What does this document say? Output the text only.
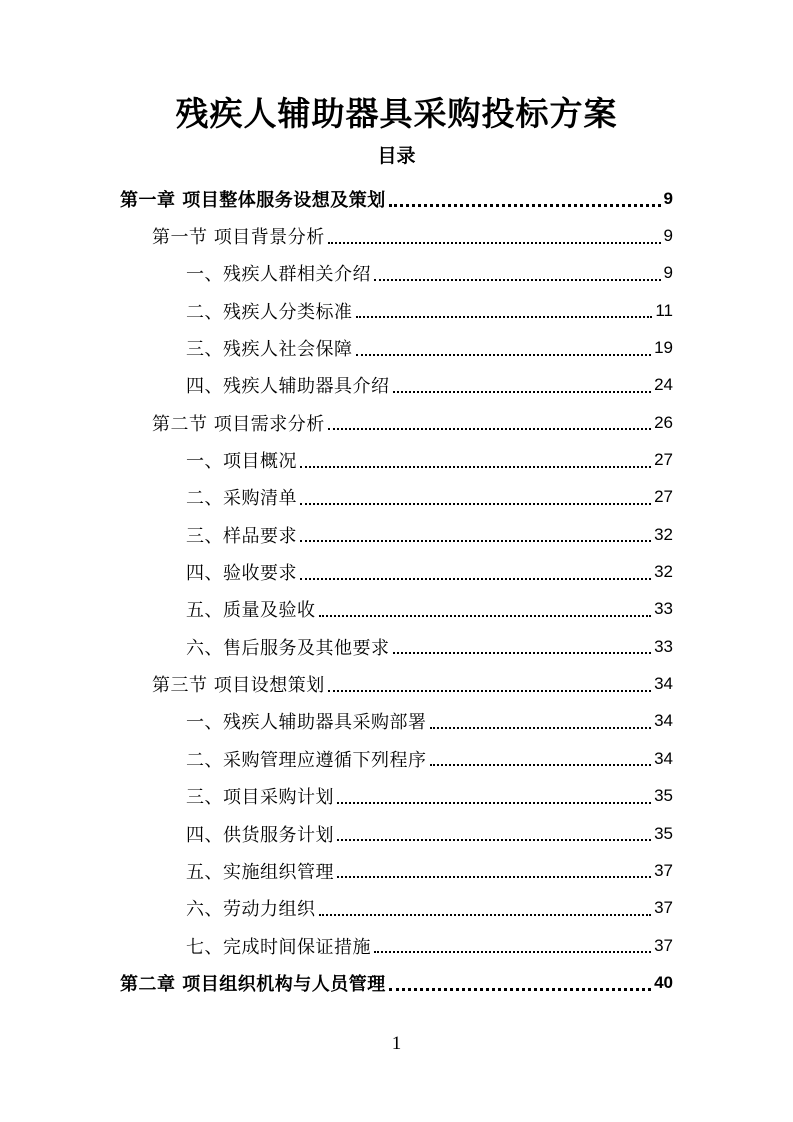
残疾人辅助器具采购投标方案
目录
第一章 项目整体服务设想及策划	9
第一节 项目背景分析	9
一、残疾人群相关介绍	9
二、残疾人分类标准	11
三、残疾人社会保障	19
四、残疾人辅助器具介绍	24
第二节 项目需求分析	26
一、项目概况	27
二、采购清单	27
三、样品要求	32
四、验收要求	32
五、质量及验收	33
六、售后服务及其他要求	33
第三节 项目设想策划	34
一、残疾人辅助器具采购部署	34
二、采购管理应遵循下列程序	34
三、项目采购计划	35
四、供货服务计划	35
五、实施组织管理	37
六、劳动力组织	37
七、完成时间保证措施	37
第二章 项目组织机构与人员管理	40
1
